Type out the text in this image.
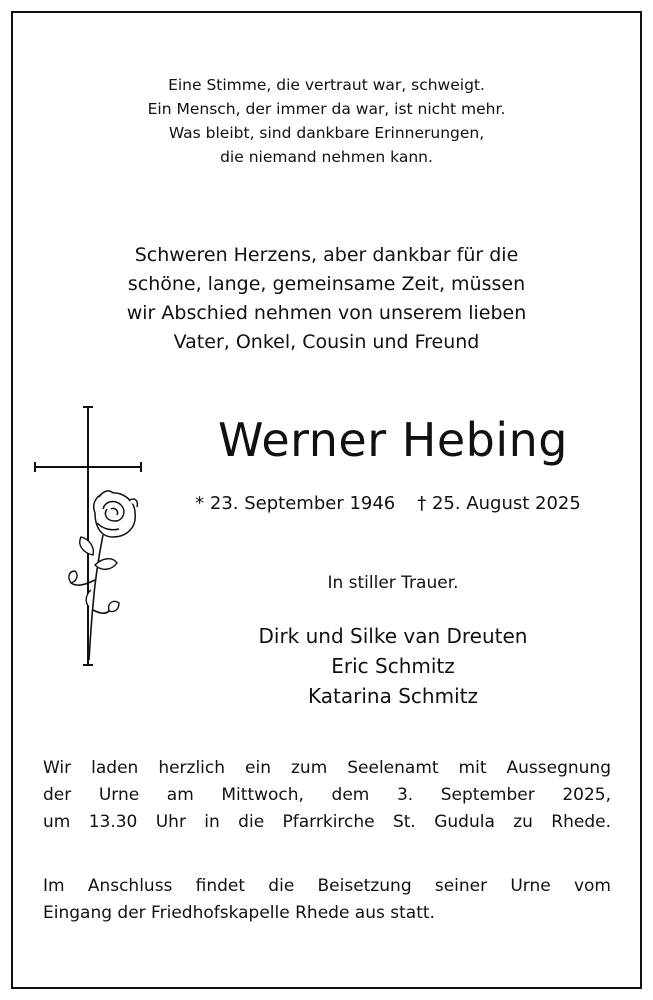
Eine Stimme, die vertraut war, schweigt.
Ein Mensch, der immer da war, ist nicht mehr.
Was bleibt, sind dankbare Erinnerungen,
die niemand nehmen kann.
Schweren Herzens, aber dankbar für die
schöne, lange, gemeinsame Zeit, müssen
wir Abschied nehmen von unserem lieben
Vater, Onkel, Cousin und Freund
Werner Hebing
* 23. September 1946 † 25. August 2025
In stiller Trauer.
Dirk und Silke van Dreuten
Eric Schmitz
Katarina Schmitz
Wir laden herzlich ein zum Seelenamt mit Aussegnung
der Urne am Mittwoch, dem 3. September 2025,
um 13.30 Uhr in die Pfarrkirche St. Gudula zu Rhede.
Im Anschluss findet die Beisetzung seiner Urne vom
Eingang der Friedhofskapelle Rhede aus statt.
